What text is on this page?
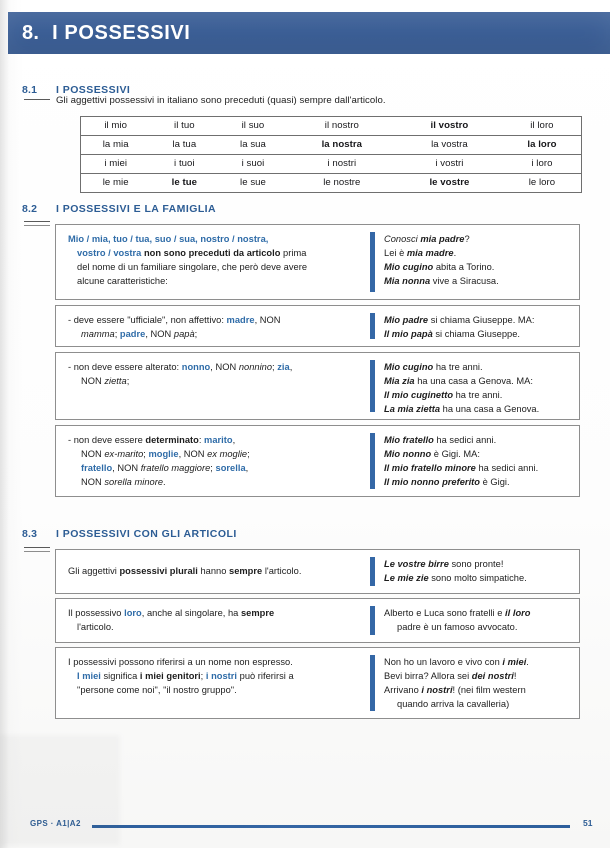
8. I POSSESSIVI
8.1	I POSSESSIVI
Gli aggettivi possessivi in italiano sono preceduti (quasi) sempre dall'articolo.
il mio	il tuo	il suo	il nostro	il vostro	il loro
la mia	la tua	la sua	la nostra	la vostra	la loro
i miei	i tuoi	i suoi	i nostri	i vostri	i loro
le mie	le tue	le sue	le nostre	le vostre	le loro
8.2	I POSSESSIVI E LA FAMIGLIA
Mio / mia, tuo / tua, suo / sua, nostro / nostra,
vostro / vostra non sono preceduti da articolo prima
del nome di un familiare singolare, che però deve avere
alcune caratteristiche:
Conosci mia padre?
Lei è mia madre.
Mio cugino abita a Torino.
Mia nonna vive a Siracusa.
- deve essere "ufficiale", non affettivo: madre, NON
mamma; padre, NON papà;
Mio padre si chiama Giuseppe. MA:
Il mio papà si chiama Giuseppe.
- non deve essere alterato: nonno, NON nonnino; zia,
NON zietta;
Mio cugino ha tre anni.
Mia zia ha una casa a Genova. MA:
Il mio cuginetto ha tre anni.
La mia zietta ha una casa a Genova.
- non deve essere determinato: marito,
NON ex-marito; moglie, NON ex moglie;
fratello, NON fratello maggiore; sorella,
NON sorella minore.
Mio fratello ha sedici anni.
Mio nonno è Gigi. MA:
Il mio fratello minore ha sedici anni.
Il mio nonno preferito è Gigi.
8.3	I POSSESSIVI CON GLI ARTICOLI
Gli aggettivi possessivi plurali hanno sempre l'articolo.
Le vostre birre sono pronte!
Le mie zie sono molto simpatiche.
Il possessivo loro, anche al singolare, ha sempre
l'articolo.
Alberto e Luca sono fratelli e il loro
padre è un famoso avvocato.
I possessivi possono riferirsi a un nome non espresso.
I miei significa i miei genitori; i nostri può riferirsi a
"persone come noi", "il nostro gruppo".
Non ho un lavoro e vivo con i miei.
Bevi birra? Allora sei dei nostri!
Arrivano i nostri! (nei film western
quando arriva la cavalleria)
GPS · A1|A2	51
